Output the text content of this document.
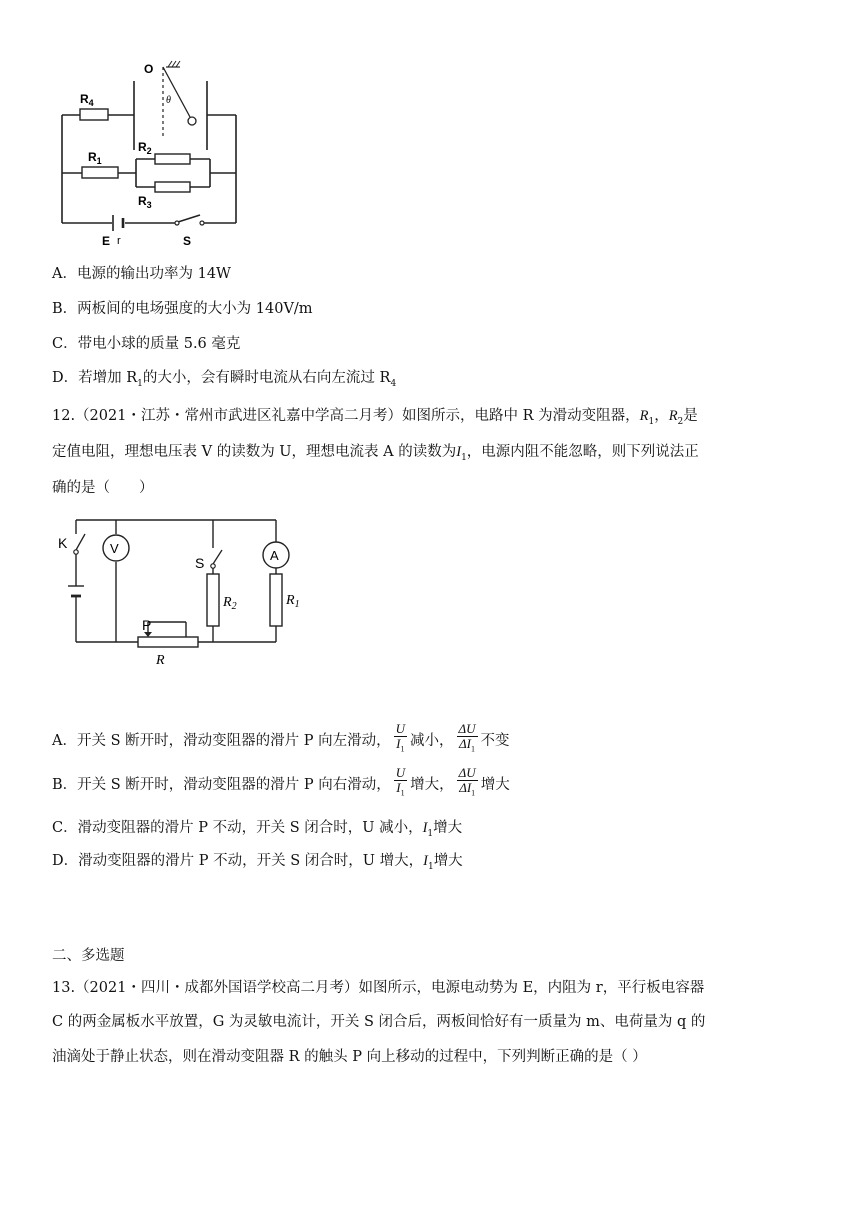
O
θ
$R_4$
$R_1$
$R_2$
$R_3$
E r	S
A．电源的输出功率为 14W
B．两板间的电场强度的大小为 140V/m
C．带电小球的质量 5.6 毫克
D．若增加 $R_1$的大小，会有瞬时电流从右向左流过 $R_4$
12.（2021・江苏・常州市武进区礼嘉中学高二月考）如图所示，电路中 R 为滑动变阻器，$R_1$，$R_2$是
定值电阻，理想电压表 V 的读数为 U，理想电流表 A 的读数为$I_1$，电源内阻不能忽略，则下列说法正
确的是（　　）
K	V
S	A
$R_2$	$R_1$
P
R
A． 开关 S 断开时，滑动变阻器的滑片 P 向左滑动， $\frac{U}{I_1}$ 减小， $\frac{\Delta U}{\Delta I_1}$ 不变
B． 开关 S 断开时，滑动变阻器的滑片 P 向右滑动， $\frac{U}{I_1}$ 增大， $\frac{\Delta U}{\Delta I_1}$ 增大
C．滑动变阻器的滑片 P 不动，开关 S 闭合时，U 减小，$I_1$增大
D．滑动变阻器的滑片 P 不动，开关 S 闭合时，U 增大，$I_1$增大
二、多选题
13.（2021・四川・成都外国语学校高二月考）如图所示，电源电动势为 E，内阻为 r，平行板电容器
C 的两金属板水平放置，G 为灵敏电流计，开关 S 闭合后，两板间恰好有一质量为 m、电荷量为 q 的
油滴处于静止状态，则在滑动变阻器 R 的触头 P 向上移动的过程中，下列判断正确的是（ ）
